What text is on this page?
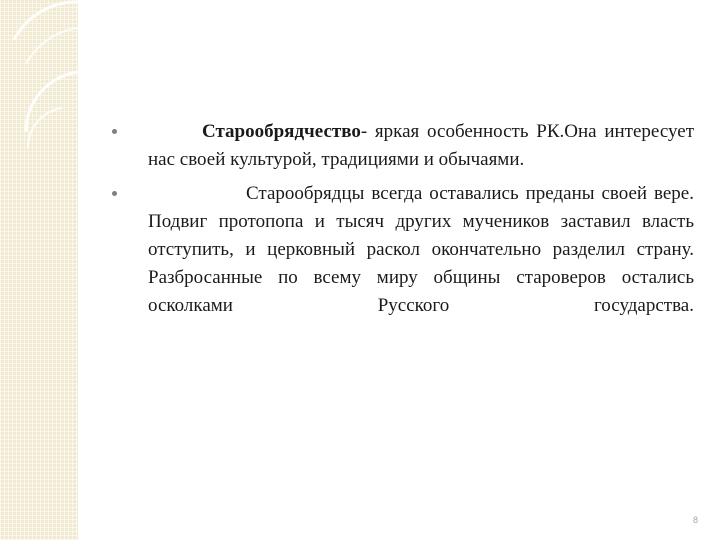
Старообрядчество- яркая особенность РК.Она интересует нас своей культурой, традициями и обычаями.
Старообрядцы всегда оставались преданы своей вере. Подвиг протопопа и тысяч других мучеников заставил власть отступить, и церковный раскол окончательно разделил страну. Разбросанные по всему миру общины староверов остались осколками Русского государства.
8
